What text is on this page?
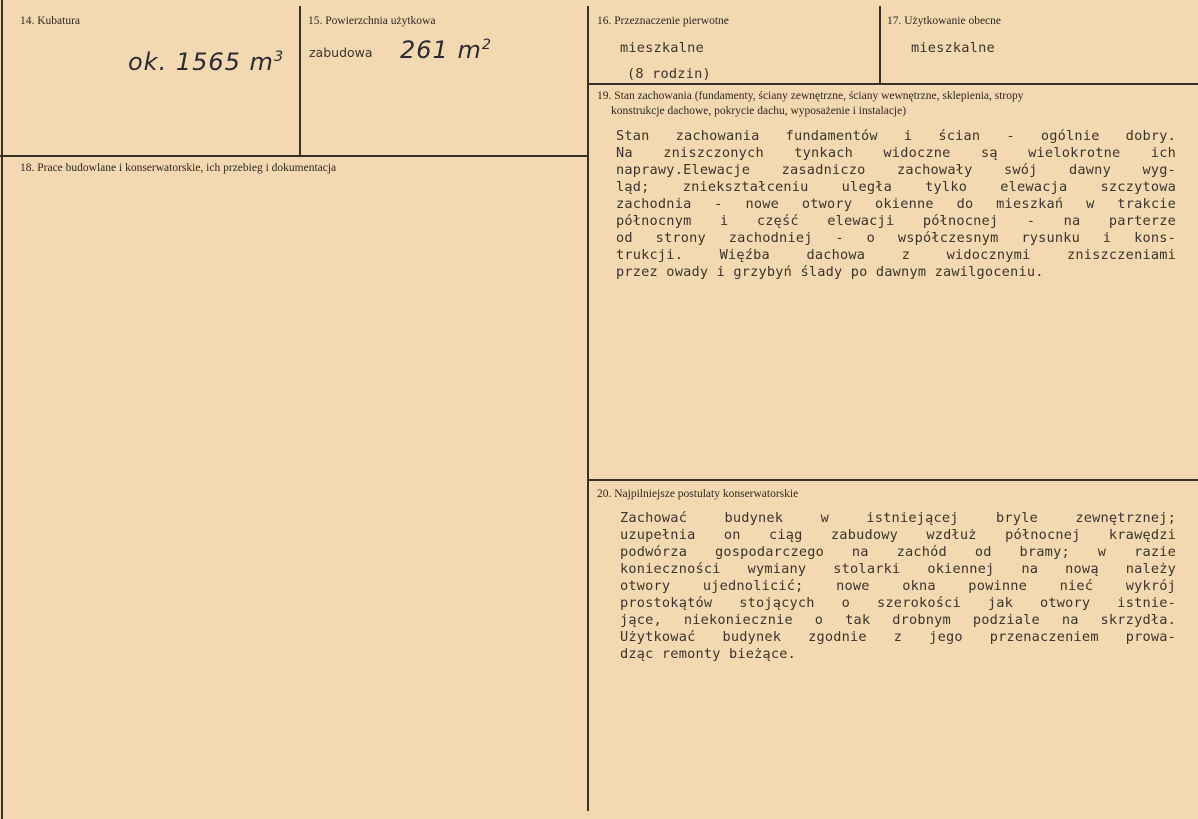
14. Kubatura
ok. 1565 $m^3$
15. Powierzchnia użytkowa
zabudowa 261 $m^2$
16. Przeznaczenie pierwotne
mieszkalne
(8 rodzin)
17. Użytkowanie obecne
mieszkalne
18. Prace budowlane i konserwatorskie, ich przebieg i dokumentacja
19. Stan zachowania (fundamenty, ściany zewnętrzne, ściany wewnętrzne, sklepienia, stropy
konstrukcje dachowe, pokrycie dachu, wyposażenie i instalacje)

Stan zachowania fundamentów i ścian - ogólnie dobry.

Na zniszczonych tynkach widoczne są wielokrotne ich

naprawy.Elewacje zasadniczo zachowały swój dawny wyg-

ląd; zniekształceniu uległa tylko elewacja szczytowa

zachodnia - nowe otwory okienne do mieszkań w trakcie

północnym i część elewacji północnej - na parterze

od strony zachodniej - o współczesnym rysunku i kons-

trukcji. Więźba dachowa z widocznymi zniszczeniami

przez owady i grzybyń ślady po dawnym zawilgoceniu.

20. Najpilniejsze postulaty konserwatorskie

Zachować budynek w istniejącej bryle zewnętrznej;

uzupełnia on ciąg zabudowy wzdłuż północnej krawędzi

podwórza gospodarczego na zachód od bramy; w razie

konieczności wymiany stolarki okiennej na nową należy

otwory ujednolicić; nowe okna powinne nieć wykrój

prostokątów stojących o szerokości jak otwory istnie-

jące, niekoniecznie o tak drobnym podziale na skrzydła.

Użytkować budynek zgodnie z jego przenaczeniem prowa-

dząc remonty bieżące.
